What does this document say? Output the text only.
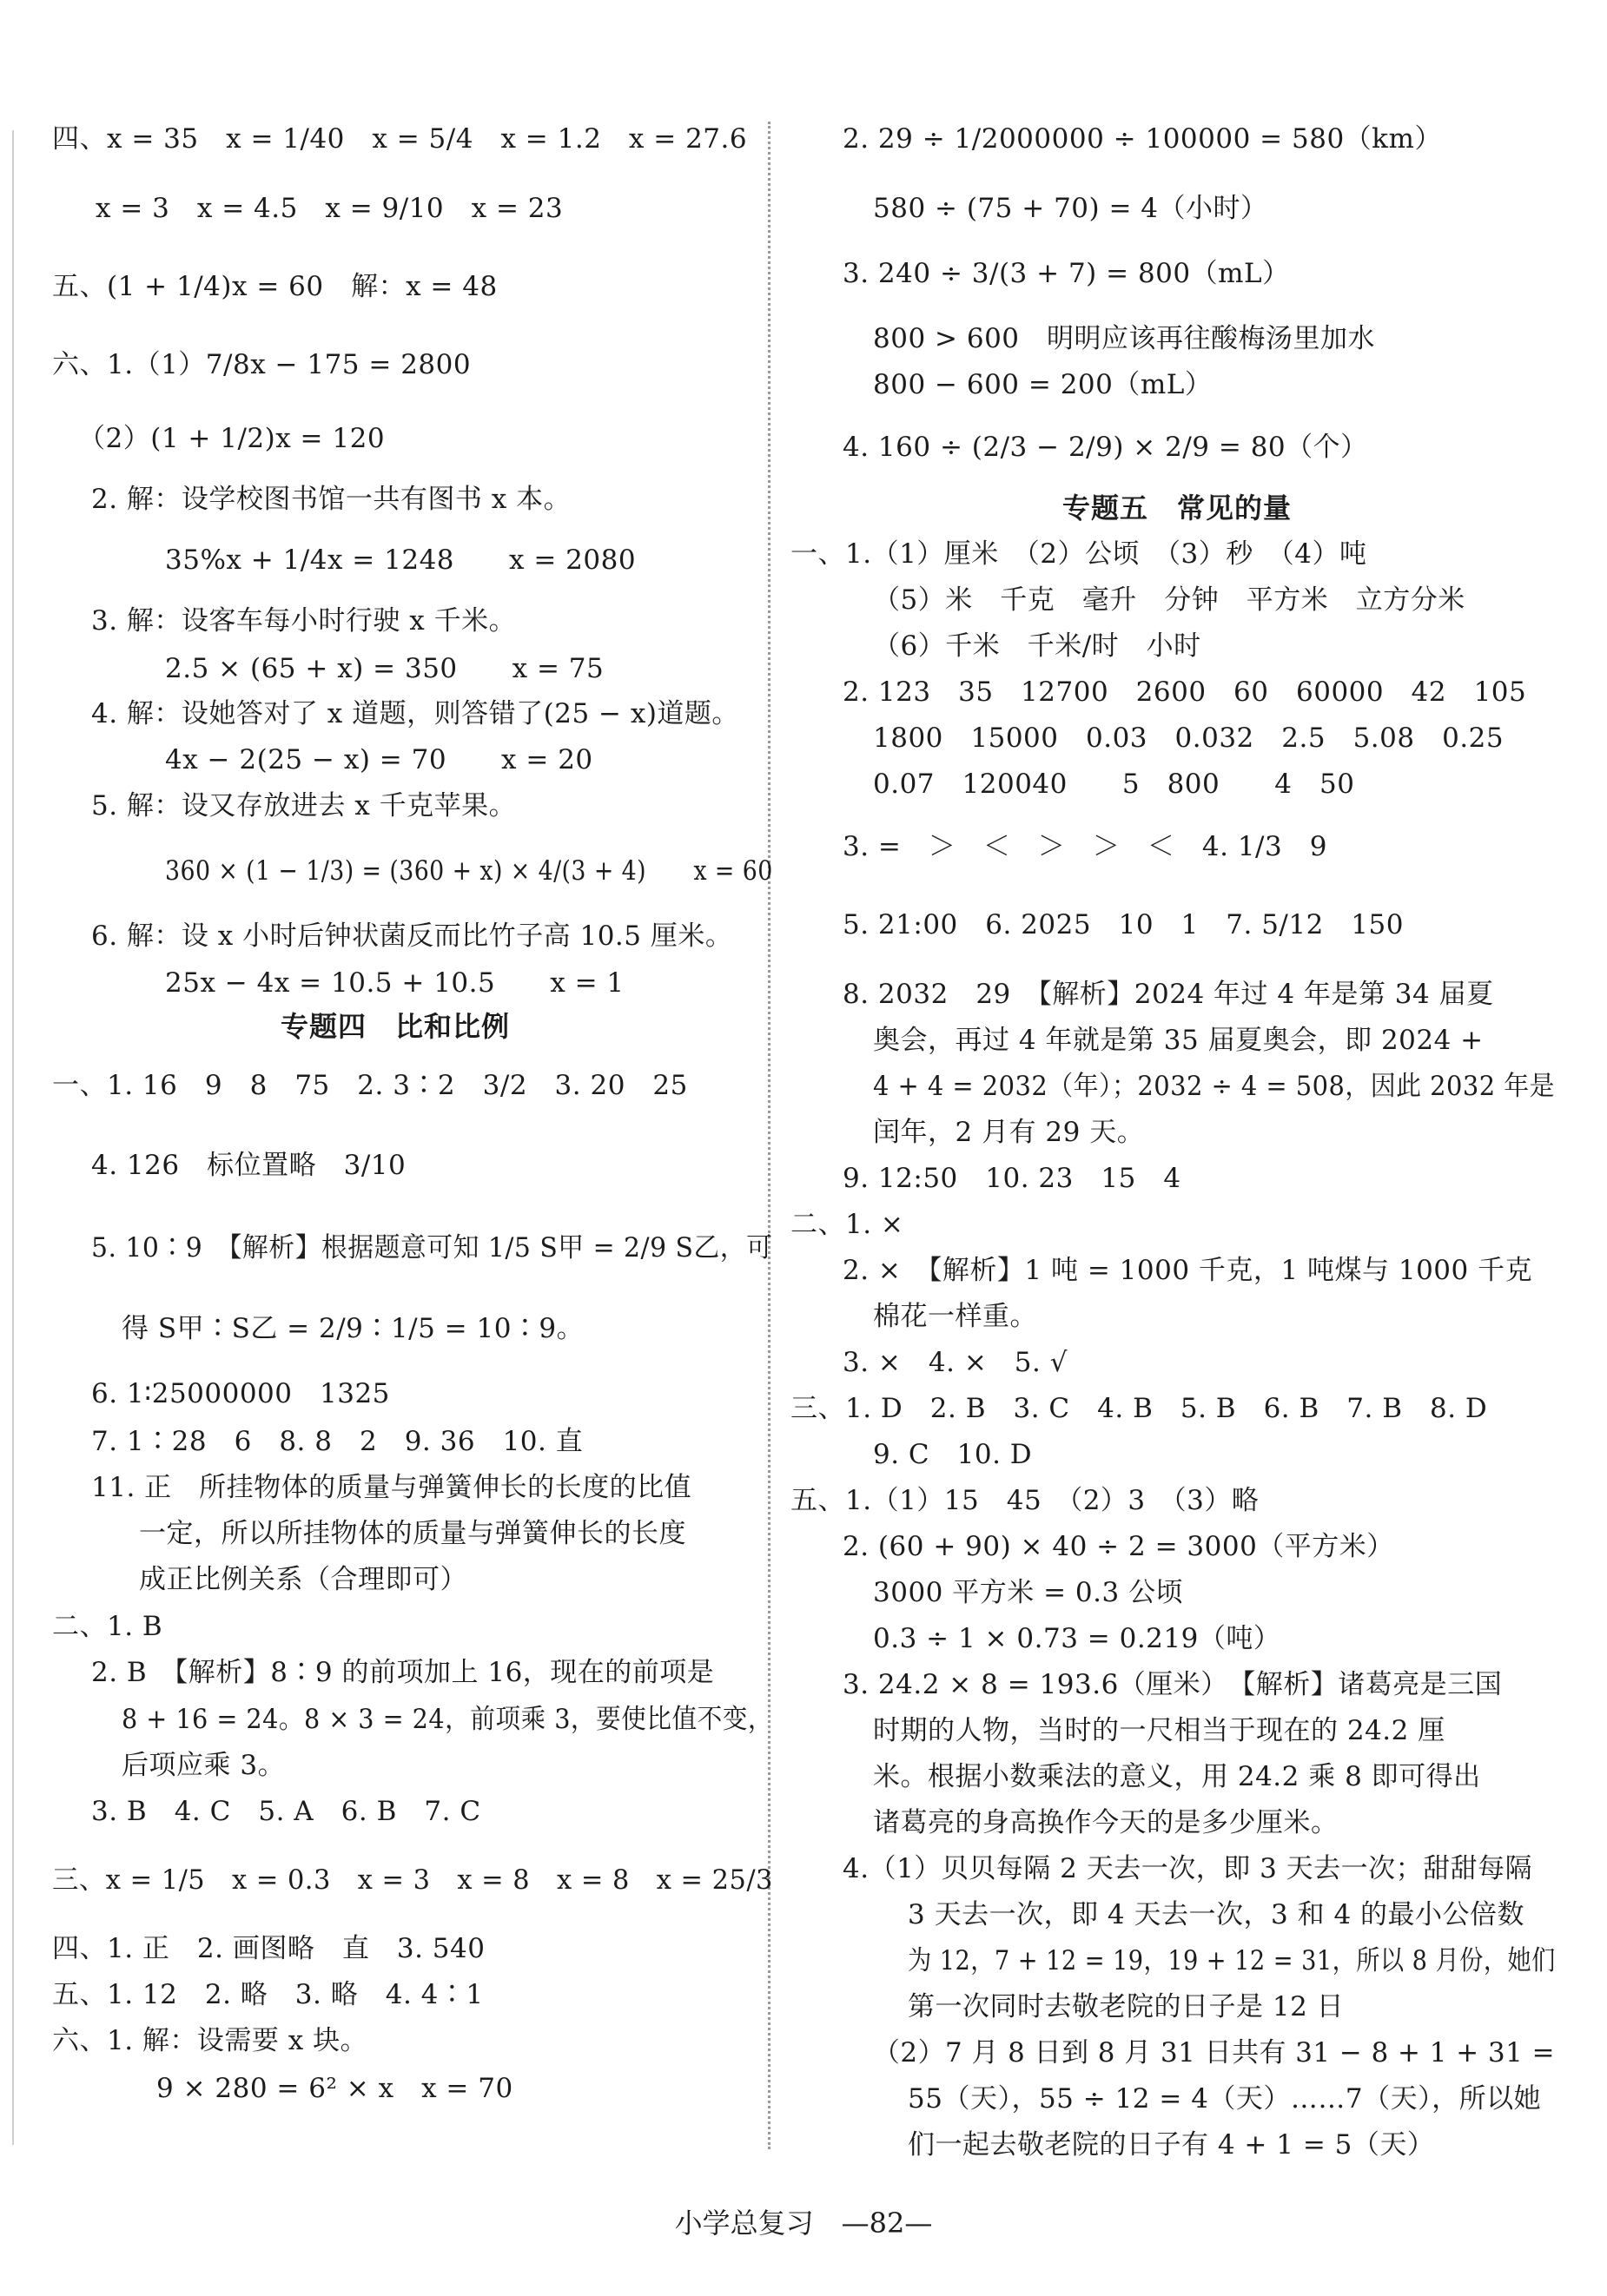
四、x = 35　x = 1/40　x = 5/4　x = 1.2　x = 27.6
x = 3　x = 4.5　x = 9/10　x = 23
五、(1 + 1/4)x = 60　解：x = 48
六、1.（1）7/8x − 175 = 2800
（2）(1 + 1/2)x = 120
2. 解：设学校图书馆一共有图书 x 本。
35%x + 1/4x = 1248　　x = 2080
3. 解：设客车每小时行驶 x 千米。
2.5 × (65 + x) = 350　　x = 75
4. 解：设她答对了 x 道题，则答错了(25 − x)道题。
4x − 2(25 − x) = 70　　x = 20
5. 解：设又存放进去 x 千克苹果。
360 × (1 − 1/3) = (360 + x) × 4/(3 + 4)　　x = 60
6. 解：设 x 小时后钟状菌反而比竹子高 10.5 厘米。
25x − 4x = 10.5 + 10.5　　x = 1
专题四　比和比例
一、1. 16　9　8　75　2. 3∶2　3/2　3. 20　25
4. 126　标位置略　3/10
5. 10∶9　【解析】根据题意可知 1/5 S甲 = 2/9 S乙，可
得 S甲∶S乙 = 2/9∶1/5 = 10∶9。
6. 1∶25000000　1325
7. 1∶28　6　8. 8　2　9. 36　10. 直
11. 正　所挂物体的质量与弹簧伸长的长度的比值
一定，所以所挂物体的质量与弹簧伸长的长度
成正比例关系（合理即可）
二、1. B
2. B　【解析】8∶9 的前项加上 16，现在的前项是
8 + 16 = 24。8 × 3 = 24，前项乘 3，要使比值不变，
后项应乘 3。
3. B　4. C　5. A　6. B　7. C
三、x = 1/5　x = 0.3　x = 3　x = 8　x = 8　x = 25/3
四、1. 正　2. 画图略　直　3. 540
五、1. 12　2. 略　3. 略　4. 4∶1
六、1. 解：设需要 x 块。
9 × 280 = 6² × x　x = 70
2. 29 ÷ 1/2000000 ÷ 100000 = 580（km）
580 ÷ (75 + 70) = 4（小时）
3. 240 ÷ 3/(3 + 7) = 800（mL）
800 > 600　明明应该再往酸梅汤里加水
800 − 600 = 200（mL）
4. 160 ÷ (2/3 − 2/9) × 2/9 = 80（个）
专题五　常见的量
一、1.（1）厘米　（2）公顷　（3）秒　（4）吨
（5）米　千克　毫升　分钟　平方米　立方分米
（6）千米　千米/时　小时
2. 123　35　12700　2600　60　60000　42　105
1800　15000　0.03　0.032　2.5　5.08　0.25
0.07　120040　　5　800　　4　50
3. =　＞　＜　＞　＞　＜　4. 1/3　9
5. 21:00　6. 2025　10　1　7. 5/12　150
8. 2032　29　【解析】2024 年过 4 年是第 34 届夏
奥会，再过 4 年就是第 35 届夏奥会，即 2024 +
4 + 4 = 2032（年）；2032 ÷ 4 = 508，因此 2032 年是
闰年，2 月有 29 天。
9. 12:50　10. 23　15　4
二、1. ×
2. ×　【解析】1 吨 = 1000 千克，1 吨煤与 1000 千克
棉花一样重。
3. ×　4. ×　5. √
三、1. D　2. B　3. C　4. B　5. B　6. B　7. B　8. D
9. C　10. D
五、1.（1）15　45　（2）3　（3）略
2. (60 + 90) × 40 ÷ 2 = 3000（平方米）
3000 平方米 = 0.3 公顷
0.3 ÷ 1 × 0.73 = 0.219（吨）
3. 24.2 × 8 = 193.6（厘米）　【解析】诸葛亮是三国
时期的人物，当时的一尺相当于现在的 24.2 厘
米。根据小数乘法的意义，用 24.2 乘 8 即可得出
诸葛亮的身高换作今天的是多少厘米。
4.（1）贝贝每隔 2 天去一次，即 3 天去一次；甜甜每隔
3 天去一次，即 4 天去一次，3 和 4 的最小公倍数
为 12，7 + 12 = 19，19 + 12 = 31，所以 8 月份，她们
第一次同时去敬老院的日子是 12 日
（2）7 月 8 日到 8 月 31 日共有 31 − 8 + 1 + 31 =
55（天），55 ÷ 12 = 4（天）……7（天），所以她
们一起去敬老院的日子有 4 + 1 = 5（天）
小学总复习　—82—
